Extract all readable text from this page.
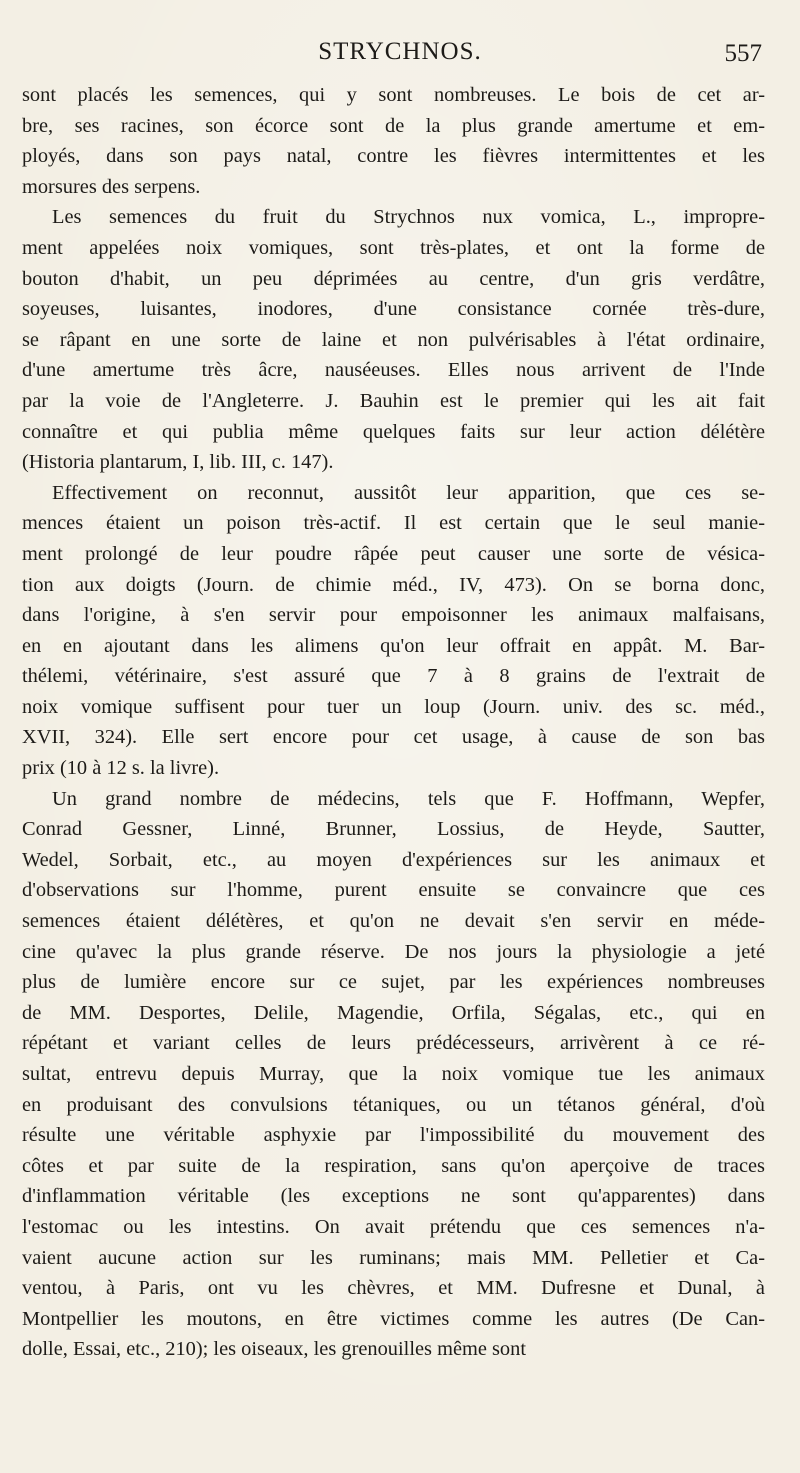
STRYCHNOS.	557

sont placés les semences, qui y sont nombreuses. Le bois de cet ar-
bre, ses racines, son écorce sont de la plus grande amertume et em-
ployés, dans son pays natal, contre les fièvres intermittentes et les
morsures des serpens.

Les semences du fruit du Strychnos nux vomica, L., impropre-
ment appelées noix vomiques, sont très-plates, et ont la forme de
bouton d'habit, un peu déprimées au centre, d'un gris verdâtre,
soyeuses, luisantes, inodores, d'une consistance cornée très-dure,
se râpant en une sorte de laine et non pulvérisables à l'état ordinaire,
d'une amertume très âcre, nauséeuses. Elles nous arrivent de l'Inde
par la voie de l'Angleterre. J. Bauhin est le premier qui les ait fait
connaître et qui publia même quelques faits sur leur action délétère
(Historia plantarum, I, lib. III, c. 147).

Effectivement on reconnut, aussitôt leur apparition, que ces se-
mences étaient un poison très-actif. Il est certain que le seul manie-
ment prolongé de leur poudre râpée peut causer une sorte de vésica-
tion aux doigts (Journ. de chimie méd., IV, 473). On se borna donc,
dans l'origine, à s'en servir pour empoisonner les animaux malfaisans,
en en ajoutant dans les alimens qu'on leur offrait en appât. M. Bar-
thélemi, vétérinaire, s'est assuré que 7 à 8 grains de l'extrait de
noix vomique suffisent pour tuer un loup (Journ. univ. des sc. méd.,
XVII, 324). Elle sert encore pour cet usage, à cause de son bas
prix (10 à 12 s. la livre).

Un grand nombre de médecins, tels que F. Hoffmann, Wepfer,
Conrad Gessner, Linné, Brunner, Lossius, de Heyde, Sautter,
Wedel, Sorbait, etc., au moyen d'expériences sur les animaux et
d'observations sur l'homme, purent ensuite se convaincre que ces
semences étaient délétères, et qu'on ne devait s'en servir en méde-
cine qu'avec la plus grande réserve. De nos jours la physiologie a jeté
plus de lumière encore sur ce sujet, par les expériences nombreuses
de MM. Desportes, Delile, Magendie, Orfila, Ségalas, etc., qui en
répétant et variant celles de leurs prédécesseurs, arrivèrent à ce ré-
sultat, entrevu depuis Murray, que la noix vomique tue les animaux
en produisant des convulsions tétaniques, ou un tétanos général, d'où
résulte une véritable asphyxie par l'impossibilité du mouvement des
côtes et par suite de la respiration, sans qu'on aperçoive de traces
d'inflammation véritable (les exceptions ne sont qu'apparentes) dans
l'estomac ou les intestins. On avait prétendu que ces semences n'a-
vaient aucune action sur les ruminans; mais MM. Pelletier et Ca-
ventou, à Paris, ont vu les chèvres, et MM. Dufresne et Dunal, à
Montpellier les moutons, en être victimes comme les autres (De Can-
dolle, Essai, etc., 210); les oiseaux, les grenouilles même sont
